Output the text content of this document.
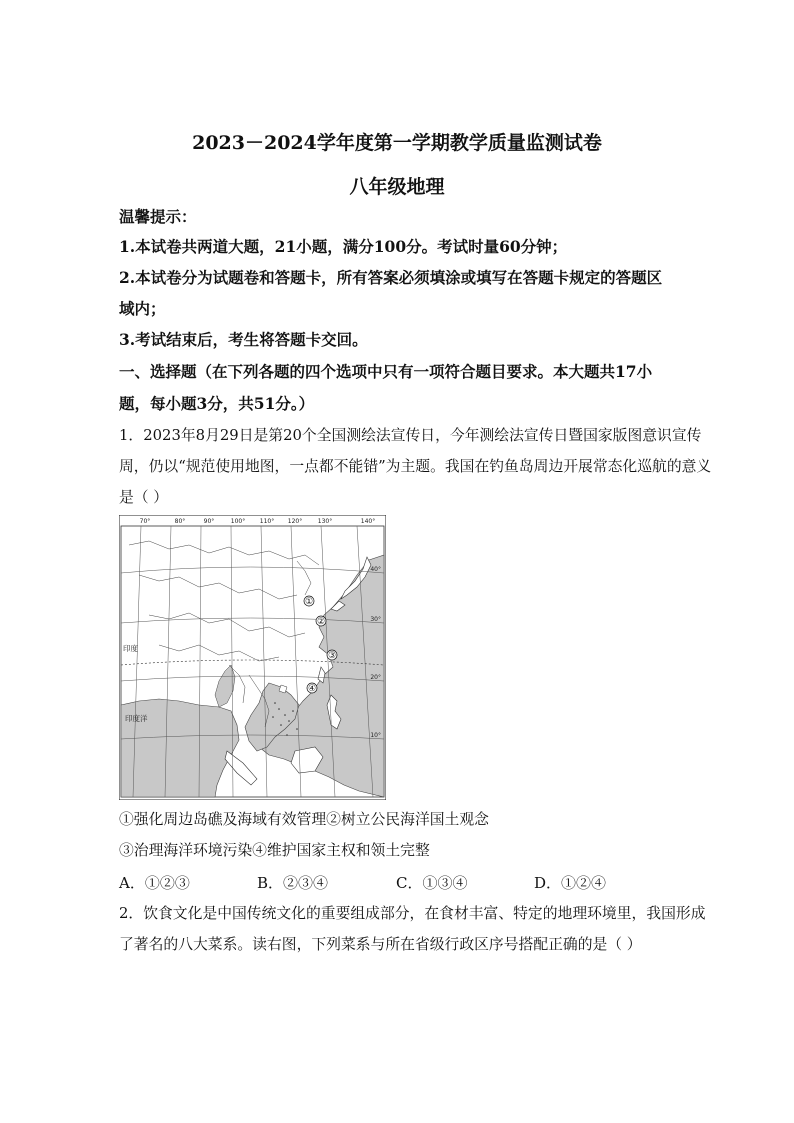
2023－2024学年度第一学期教学质量监测试卷
八年级地理
温馨提示：
1.本试卷共两道大题，21小题，满分100分。考试时量60分钟；
2.本试卷分为试题卷和答题卡，所有答案必须填涂或填写在答题卡规定的答题区
域内；
3.考试结束后，考生将答题卡交回。
一、选择题（在下列各题的四个选项中只有一项符合题目要求。本大题共17小
题，每小题3分，共51分。）
1．2023年8月29日是第20个全国测绘法宣传日，今年测绘法宣传日暨国家版图意识宣传
周，仍以“规范使用地图，一点都不能错”为主题。我国在钓鱼岛周边开展常态化巡航的意义
是（ ）
①
②
③
④
70°	80°	90°	100° 110° 120°	130°	140°
40°
30°
20°
10°
印度
印度洋
①强化周边岛礁及海域有效管理②树立公民海洋国土观念
③治理海洋环境污染④维护国家主权和领土完整
A．①②③	B．②③④	C．①③④	D．①②④
2．饮食文化是中国传统文化的重要组成部分，在食材丰富、特定的地理环境里，我国形成
了著名的八大菜系。读右图，下列菜系与所在省级行政区序号搭配正确的是（ ）
